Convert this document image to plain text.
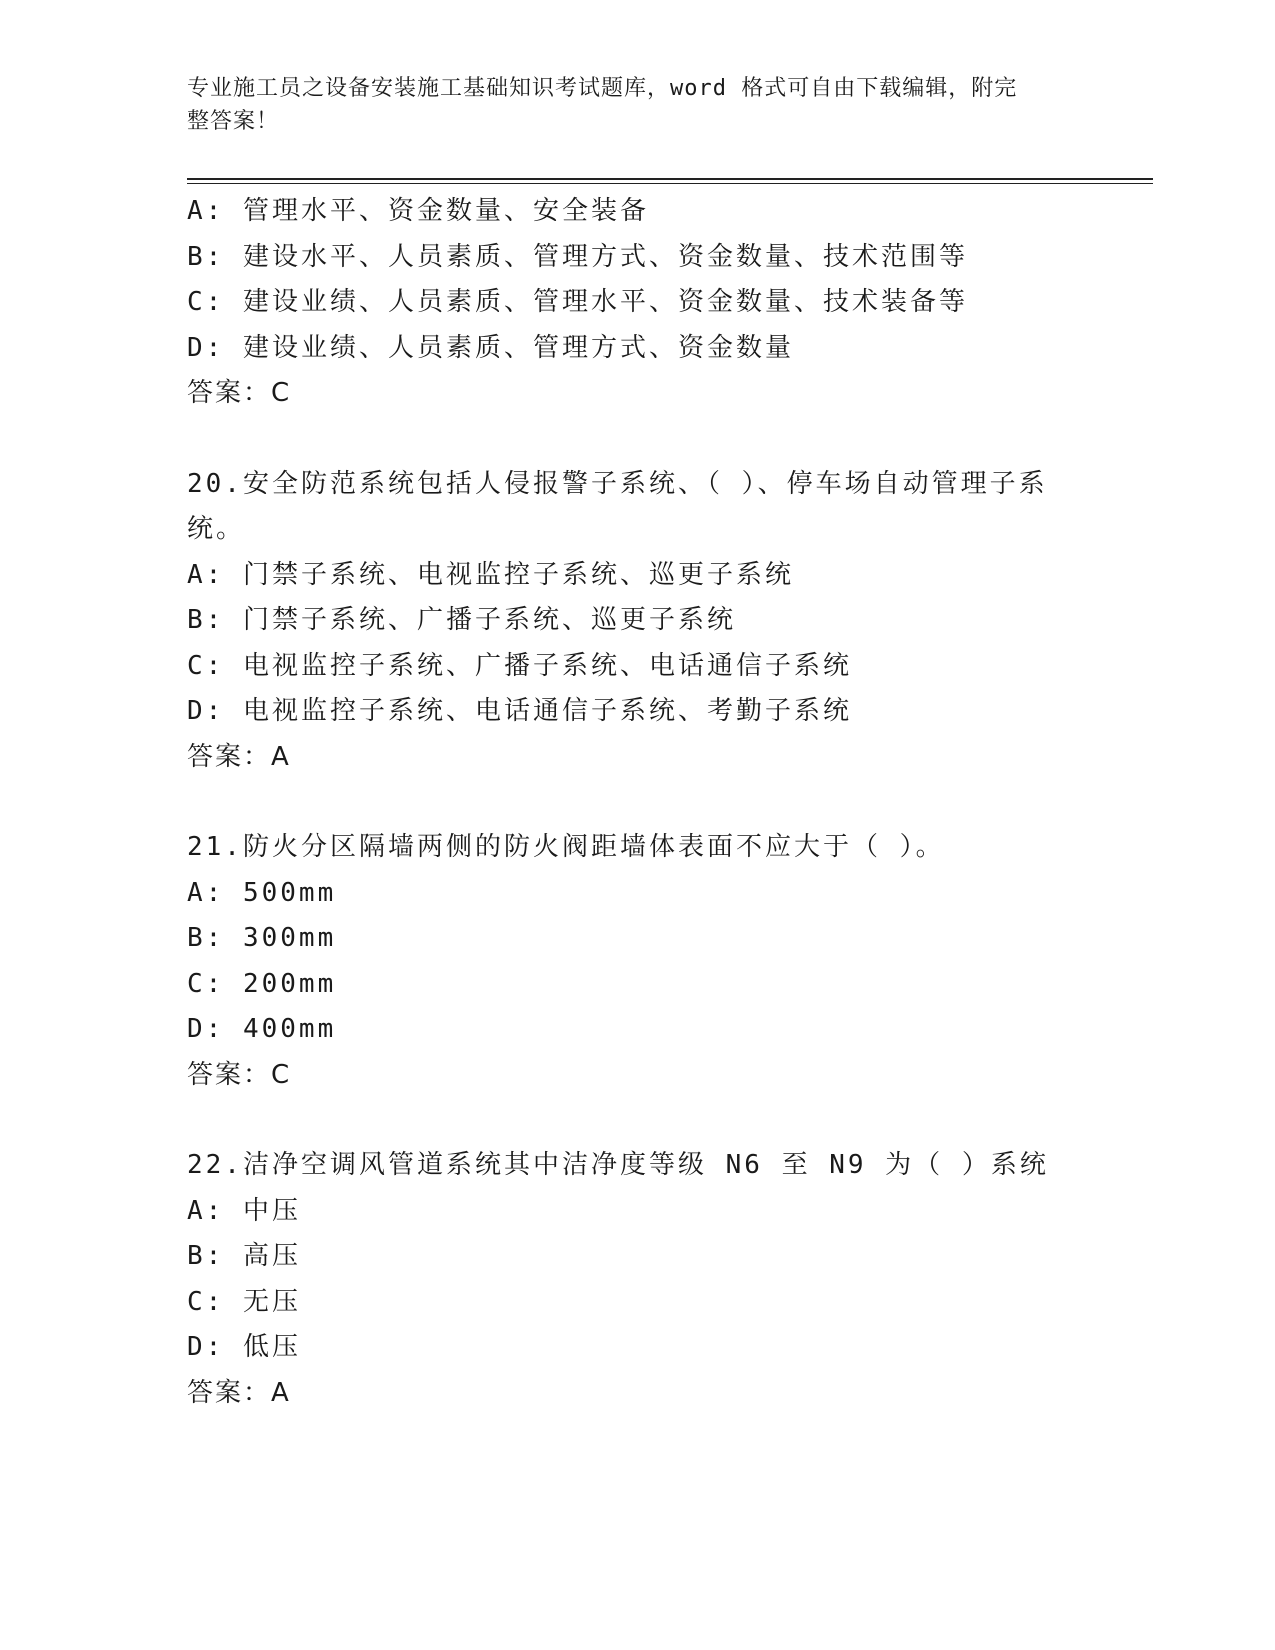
专业施工员之设备安装施工基础知识考试题库，word 格式可自由下载编辑，附完
整答案！
A: 管理水平、资金数量、安全装备
B: 建设水平、人员素质、管理方式、资金数量、技术范围等
C: 建设业绩、人员素质、管理水平、资金数量、技术装备等
D: 建设业绩、人员素质、管理方式、资金数量
答案：C
20.安全防范系统包括人侵报警子系统、（ ）、停车场自动管理子系
统。
A: 门禁子系统、电视监控子系统、巡更子系统
B: 门禁子系统、广播子系统、巡更子系统
C: 电视监控子系统、广播子系统、电话通信子系统
D: 电视监控子系统、电话通信子系统、考勤子系统
答案：A
21.防火分区隔墙两侧的防火阀距墙体表面不应大于（ ）。
A: 500mm
B: 300mm
C: 200mm
D: 400mm
答案：C
22.洁净空调风管道系统其中洁净度等级 N6 至 N9 为（ ）系统
A: 中压
B: 高压
C: 无压
D: 低压
答案：A
